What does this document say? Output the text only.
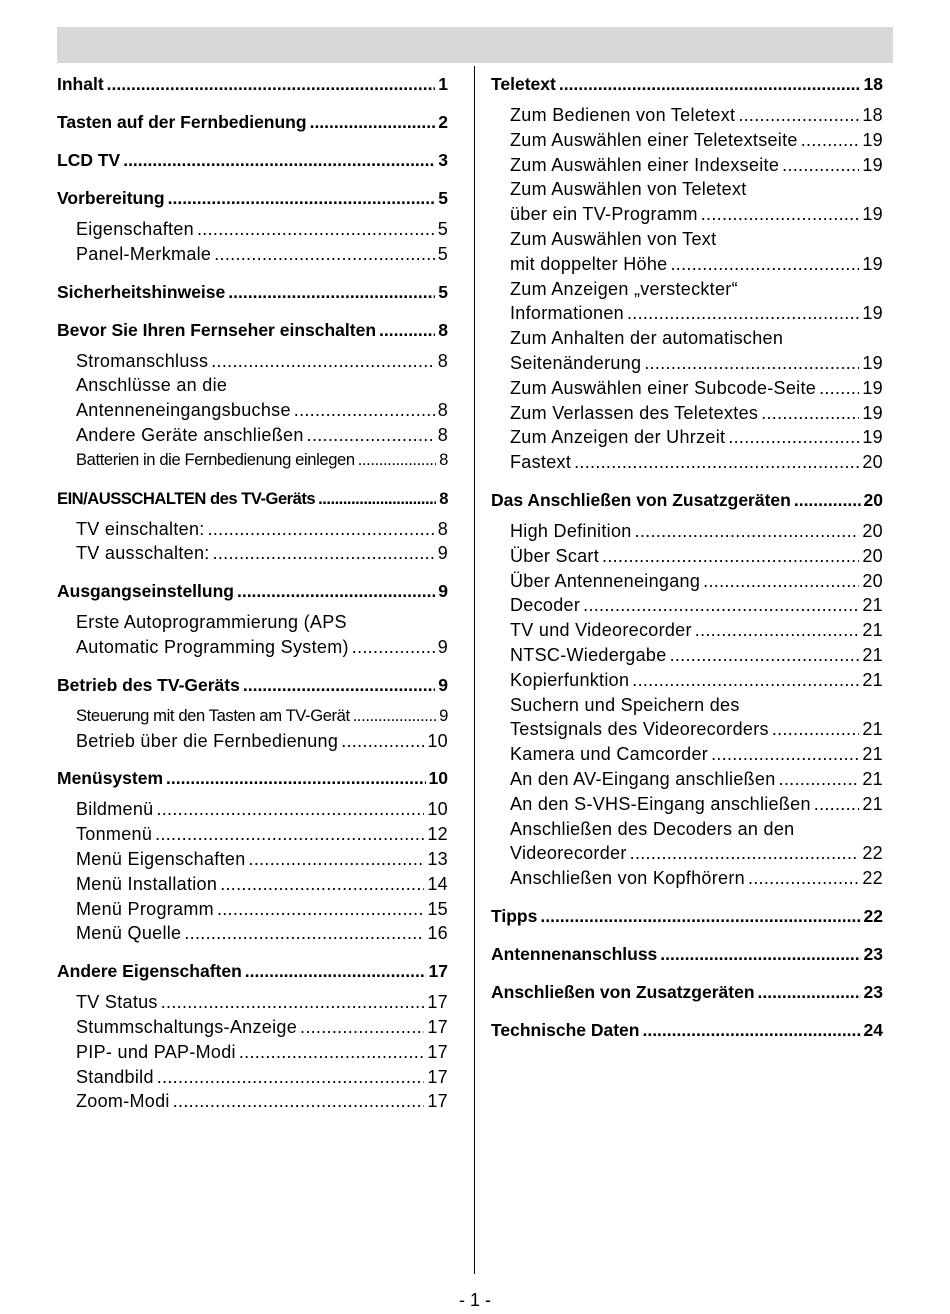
Inhalt .....	1
Tasten auf der Fernbedienung .....	2
LCD TV .....	3
Vorbereitung .....	5
Eigenschaften .....	5
Panel-Merkmale .....	5
Sicherheitshinweise .....	5
Bevor Sie Ihren Fernseher einschalten .....	8
Stromanschluss .....	8
Anschlüsse an die
Antenneneingangsbuchse .....	8
Andere Geräte anschließen .....	8
Batterien in die Fernbedienung einlegen .....	8
EIN/AUSSCHALTEN des TV-Geräts .....	8
TV einschalten: .....	8
TV ausschalten: .....	9
Ausgangseinstellung .....	9
Erste Autoprogrammierung (APS
Automatic Programming System) .....	9
Betrieb des TV-Geräts .....	9
Steuerung mit den Tasten am TV-Gerät .....	9
Betrieb über die Fernbedienung .....	10
Menüsystem .....	10
Bildmenü .....	10
Tonmenü .....	12
Menü Eigenschaften .....	13
Menü Installation .....	14
Menü Programm .....	15
Menü Quelle .....	16
Andere Eigenschaften .....	17
TV Status .....	17
Stummschaltungs-Anzeige .....	17
PIP- und PAP-Modi .....	17
Standbild .....	17
Zoom-Modi .....	17
Teletext .....	18
Zum Bedienen von Teletext .....	18
Zum Auswählen einer Teletextseite .....	19
Zum Auswählen einer Indexseite .....	19
Zum Auswählen von Teletext
über ein TV-Programm .....	19
Zum Auswählen von Text
mit doppelter Höhe .....	19
Zum Anzeigen „versteckter“
Informationen .....	19
Zum Anhalten der automatischen
Seitenänderung .....	19
Zum Auswählen einer Subcode-Seite .....	19
Zum Verlassen des Teletextes .....	19
Zum Anzeigen der Uhrzeit .....	19
Fastext .....	20
Das Anschließen von Zusatzgeräten .....	20
High Definition .....	20
Über Scart .....	20
Über Antenneneingang .....	20
Decoder .....	21
TV und Videorecorder .....	21
NTSC-Wiedergabe .....	21
Kopierfunktion .....	21
Suchern und Speichern des
Testsignals des Videorecorders .....	21
Kamera und Camcorder .....	21
An den AV-Eingang anschließen .....	21
An den S-VHS-Eingang anschließen .....	21
Anschließen des Decoders an den
Videorecorder .....	22
Anschließen von Kopfhörern .....	22
Tipps .....	22
Antennenanschluss .....	23
Anschließen von Zusatzgeräten .....	23
Technische Daten .....	24
- 1 -
